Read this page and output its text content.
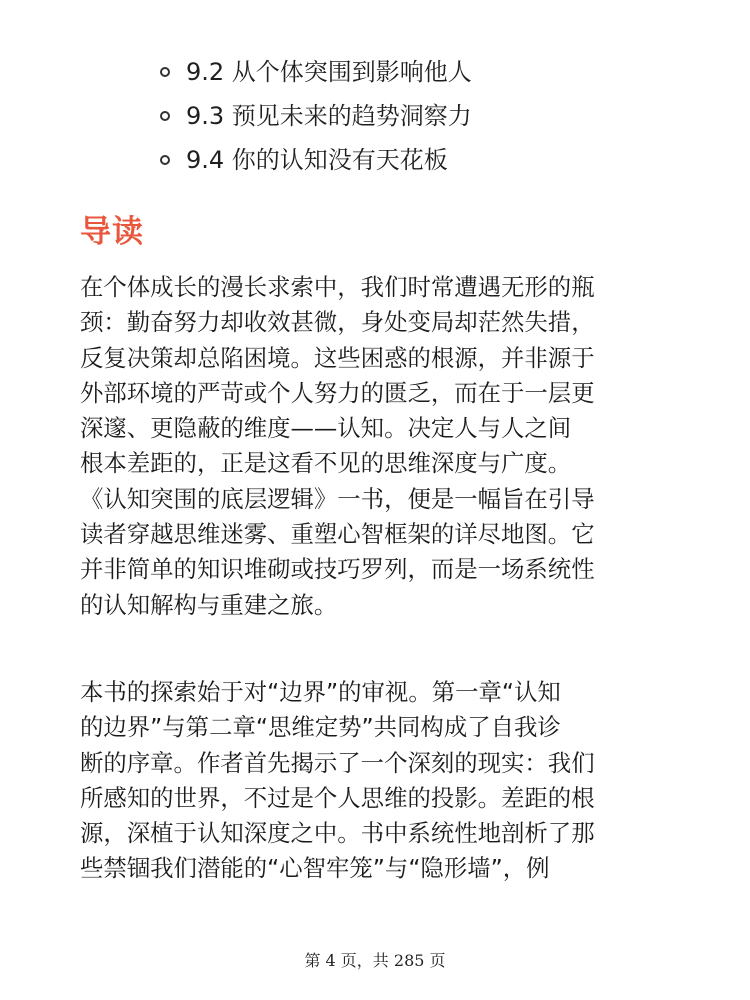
9.2 从个体突围到影响他人
9.3 预见未来的趋势洞察力
9.4 你的认知没有天花板
导读

在个体成长的漫长求索中，我们时常遭遇无形的瓶
颈：勤奋努力却收效甚微，身处变局却茫然失措，
反复决策却总陷困境。这些困惑的根源，并非源于
外部环境的严苛或个人努力的匮乏，而在于一层更
深邃、更隐蔽的维度——认知。决定人与人之间
根本差距的，正是这看不见的思维深度与广度。
《认知突围的底层逻辑》一书，便是一幅旨在引导
读者穿越思维迷雾、重塑心智框架的详尽地图。它
并非简单的知识堆砌或技巧罗列，而是一场系统性
的认知解构与重建之旅。

本书的探索始于对“边界”的审视。第一章“认知
的边界”与第二章“思维定势”共同构成了自我诊
断的序章。作者首先揭示了一个深刻的现实：我们
所感知的世界，不过是个人思维的投影。差距的根
源，深植于认知深度之中。书中系统性地剖析了那
些禁锢我们潜能的“心智牢笼”与“隐形墙”，例

第 4 页，共 285 页
